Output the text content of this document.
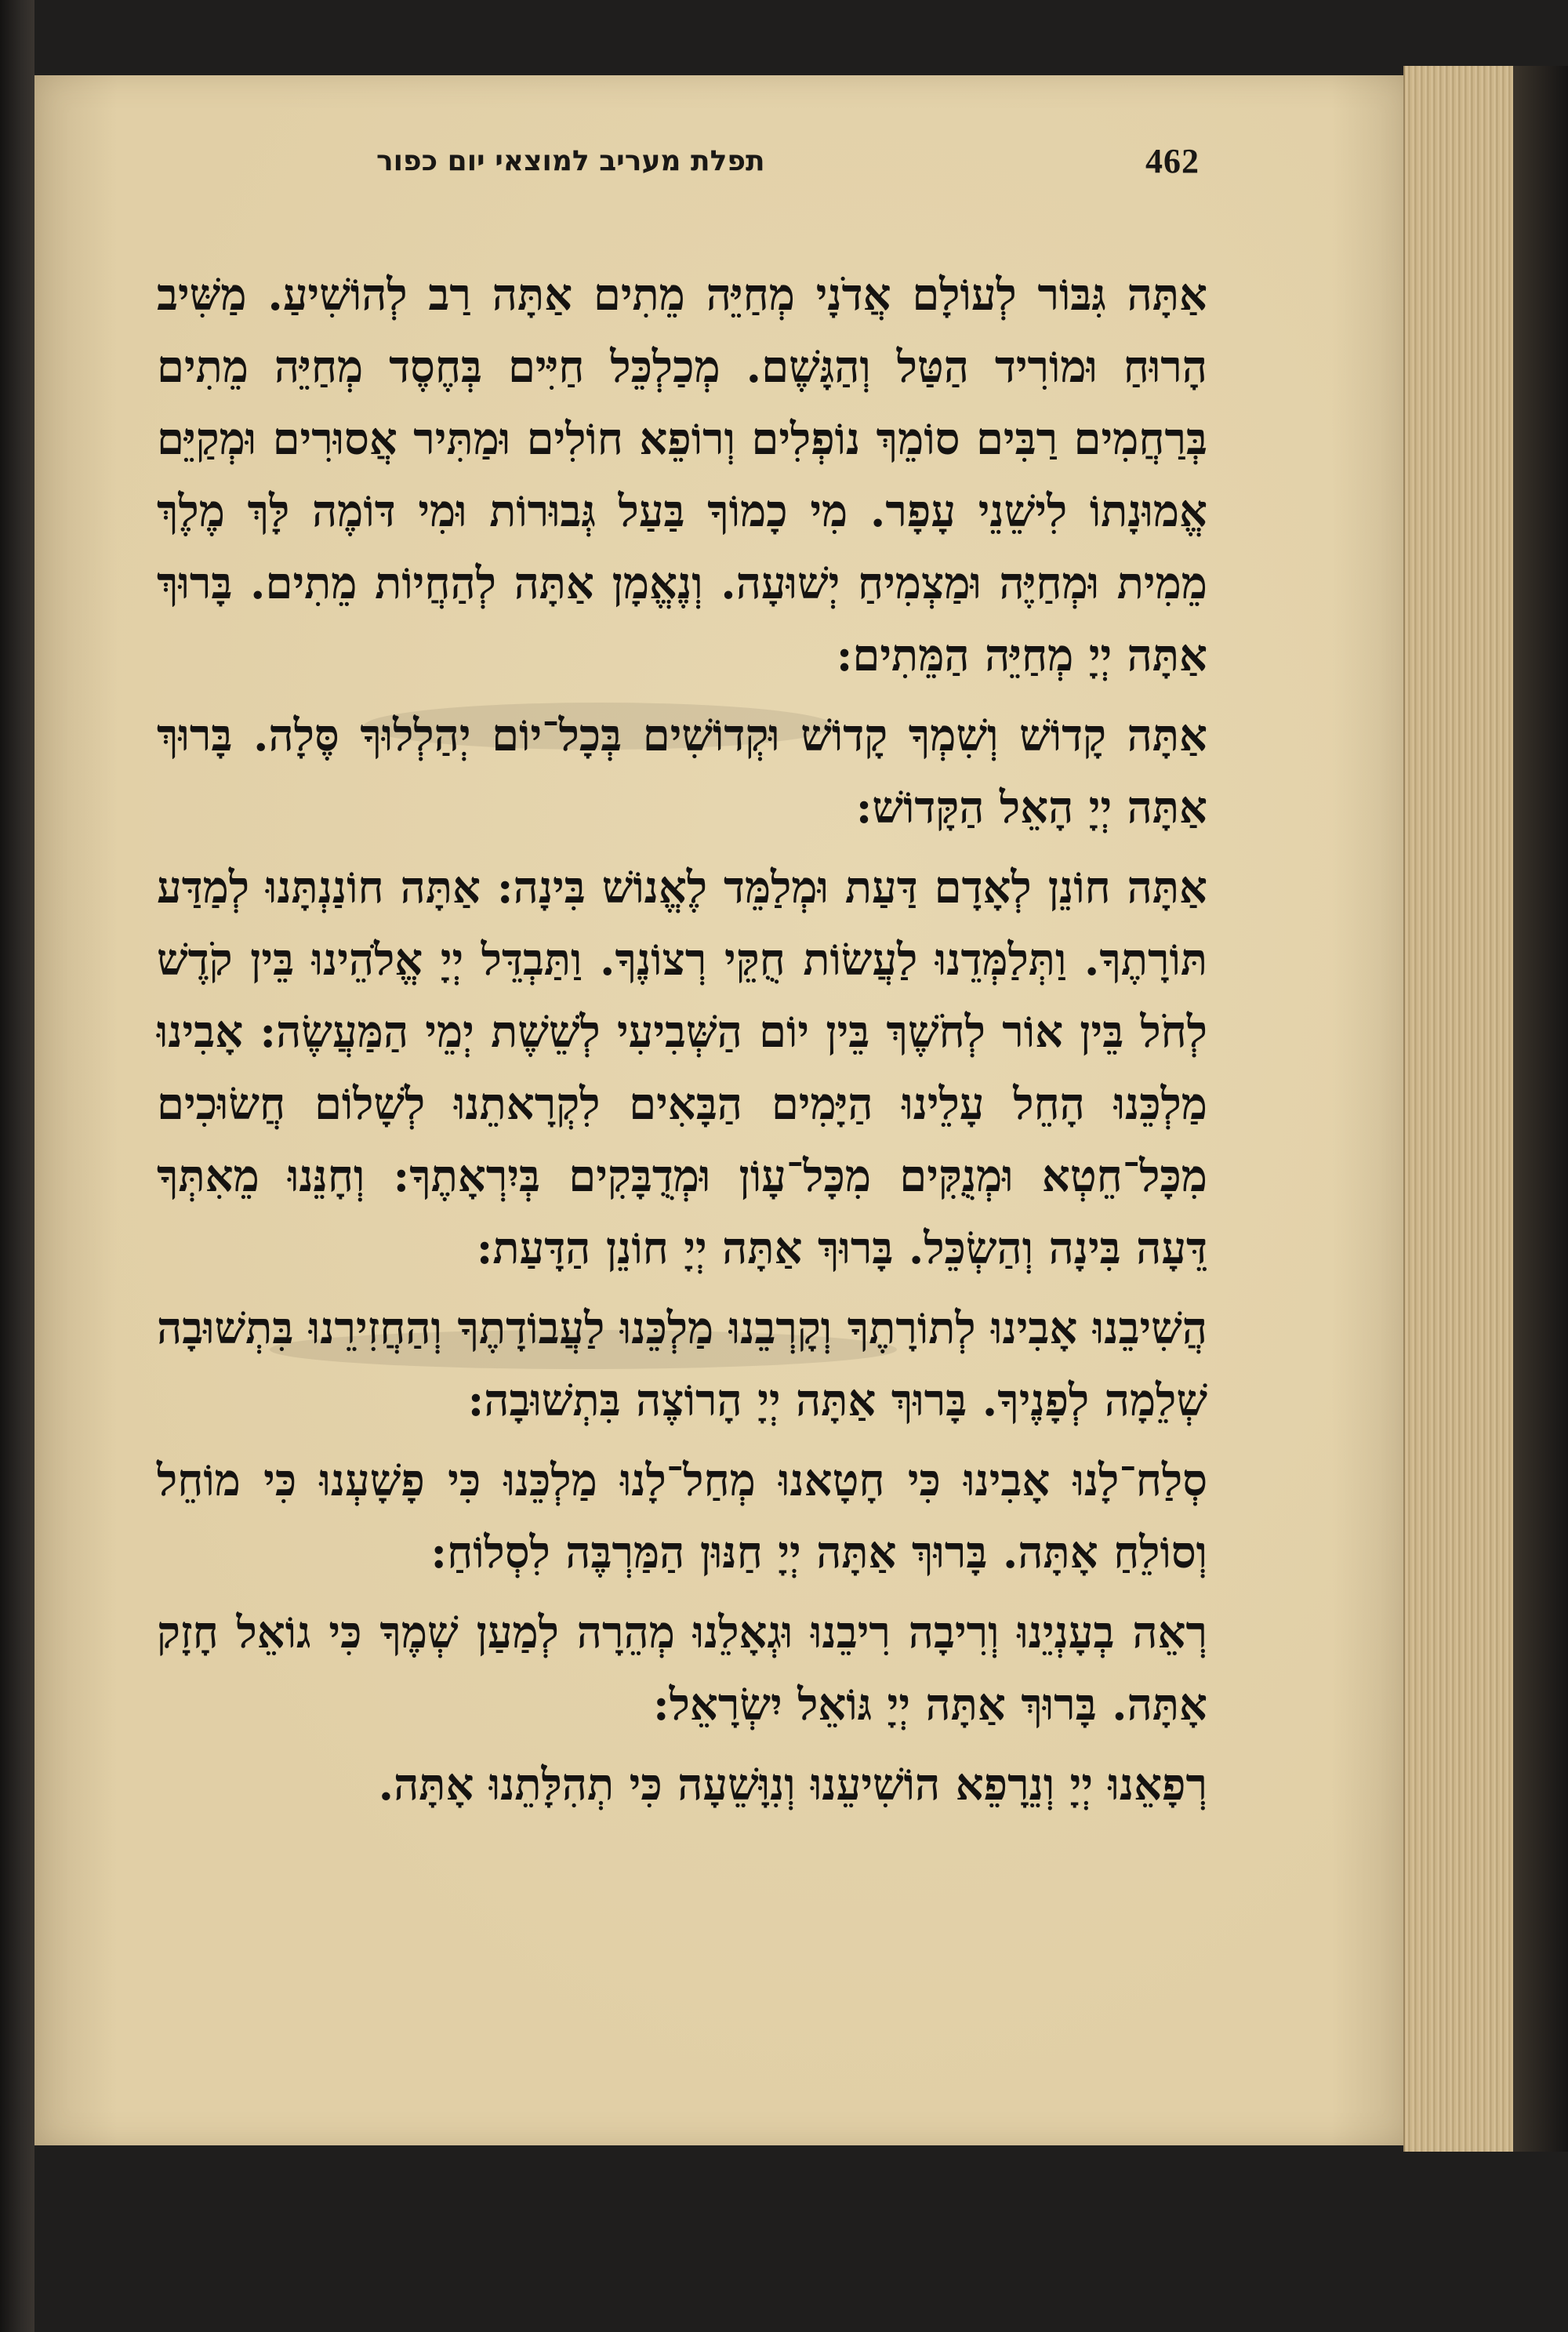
תפלת מעריב למוצאי יום כפור	462

אַתָּה גִּבּוֹר לְעוֹלָם אֲדֹנָי מְחַיֵּה מֵתִים אַתָּה רַב לְהוֹשִׁיעַ. מַשִּׁיב הָרוּחַ וּמוֹרִיד הַטַּל וְהַגָּשֶׁם. מְכַלְכֵּל חַיִּים בְּחֶסֶד מְחַיֵּה מֵתִים בְּרַחֲמִים רַבִּים סוֹמֵךְ נוֹפְלִים וְרוֹפֵא חוֹלִים וּמַתִּיר אֲסוּרִים וּמְקַיֵּם אֱמוּנָתוֹ לִישֵׁנֵי עָפָר. מִי כָמוֹךָ בַּעַל גְּבוּרוֹת וּמִי דּוֹמֶה לָּךְ מֶלֶךְ מֵמִית וּמְחַיֶּה וּמַצְמִיחַ יְשׁוּעָה. וְנֶאֱמָן אַתָּה לְהַחֲיוֹת מֵתִים. בָּרוּךְ אַתָּה יְיָ מְחַיֵּה הַמֵּתִים:

אַתָּה קָדוֹשׁ וְשִׁמְךָ קָדוֹשׁ וּקְדוֹשִׁים בְּכָל־יוֹם יְהַלְלוּךָ סֶּלָה. בָּרוּךְ אַתָּה יְיָ הָאֵל הַקָּדוֹשׁ:

אַתָּה חוֹנֵן לְאָדָם דַּעַת וּמְלַמֵּד לֶאֱנוֹשׁ בִּינָה: אַתָּה חוֹנַנְתָּנוּ לְמַדַּע תּוֹרָתֶךָ. וַתְּלַמְּדֵנוּ לַעֲשׂוֹת חֻקֵּי רְצוֹנֶךָ. וַתַּבְדֵּל יְיָ אֱלֹהֵינוּ בֵּין קֹדֶשׁ לְחֹל בֵּין אוֹר לְחֹשֶׁךְ בֵּין יוֹם הַשְּׁבִיעִי לְשֵׁשֶׁת יְמֵי הַמַּעֲשֶׂה: אָבִינוּ מַלְכֵּנוּ הָחֵל עָלֵינוּ הַיָּמִים הַבָּאִים לִקְרָאתֵנוּ לְשָׁלוֹם חֲשׂוּכִים מִכָּל־חֵטְא וּמְנֻקִּים מִכָּל־עָוֹן וּמְדֻבָּקִים בְּיִרְאָתֶךָ: וְחָנֵּנוּ מֵאִתְּךָ דֵּעָה בִּינָה וְהַשְׂכֵּל. בָּרוּךְ אַתָּה יְיָ חוֹנֵן הַדָּעַת:

הֲשִׁיבֵנוּ אָבִינוּ לְתוֹרָתֶךָ וְקָרְבֵנוּ מַלְכֵּנוּ לַעֲבוֹדָתֶךָ וְהַחֲזִירֵנוּ בִּתְשׁוּבָה שְׁלֵמָה לְפָנֶיךָ. בָּרוּךְ אַתָּה יְיָ הָרוֹצֶה בִּתְשׁוּבָה:

סְלַח־לָנוּ אָבִינוּ כִּי חָטָאנוּ מְחַל־לָנוּ מַלְכֵּנוּ כִּי פָשָׁעְנוּ כִּי מוֹחֵל וְסוֹלֵחַ אָתָּה. בָּרוּךְ אַתָּה יְיָ חַנּוּן הַמַּרְבֶּה לִסְלוֹחַ:

רְאֵה בְעָנְיֵנוּ וְרִיבָה רִיבֵנוּ וּגְאָלֵנוּ מְהֵרָה לְמַעַן שְׁמֶךָ כִּי גוֹאֵל חָזָק אָתָּה. בָּרוּךְ אַתָּה יְיָ גּוֹאֵל יִשְׂרָאֵל:

רְפָאֵנוּ יְיָ וְנֵרָפֵא הוֹשִׁיעֵנוּ וְנִוָּשֵׁעָה כִּי תְהִלָּתֵנוּ אָתָּה.
